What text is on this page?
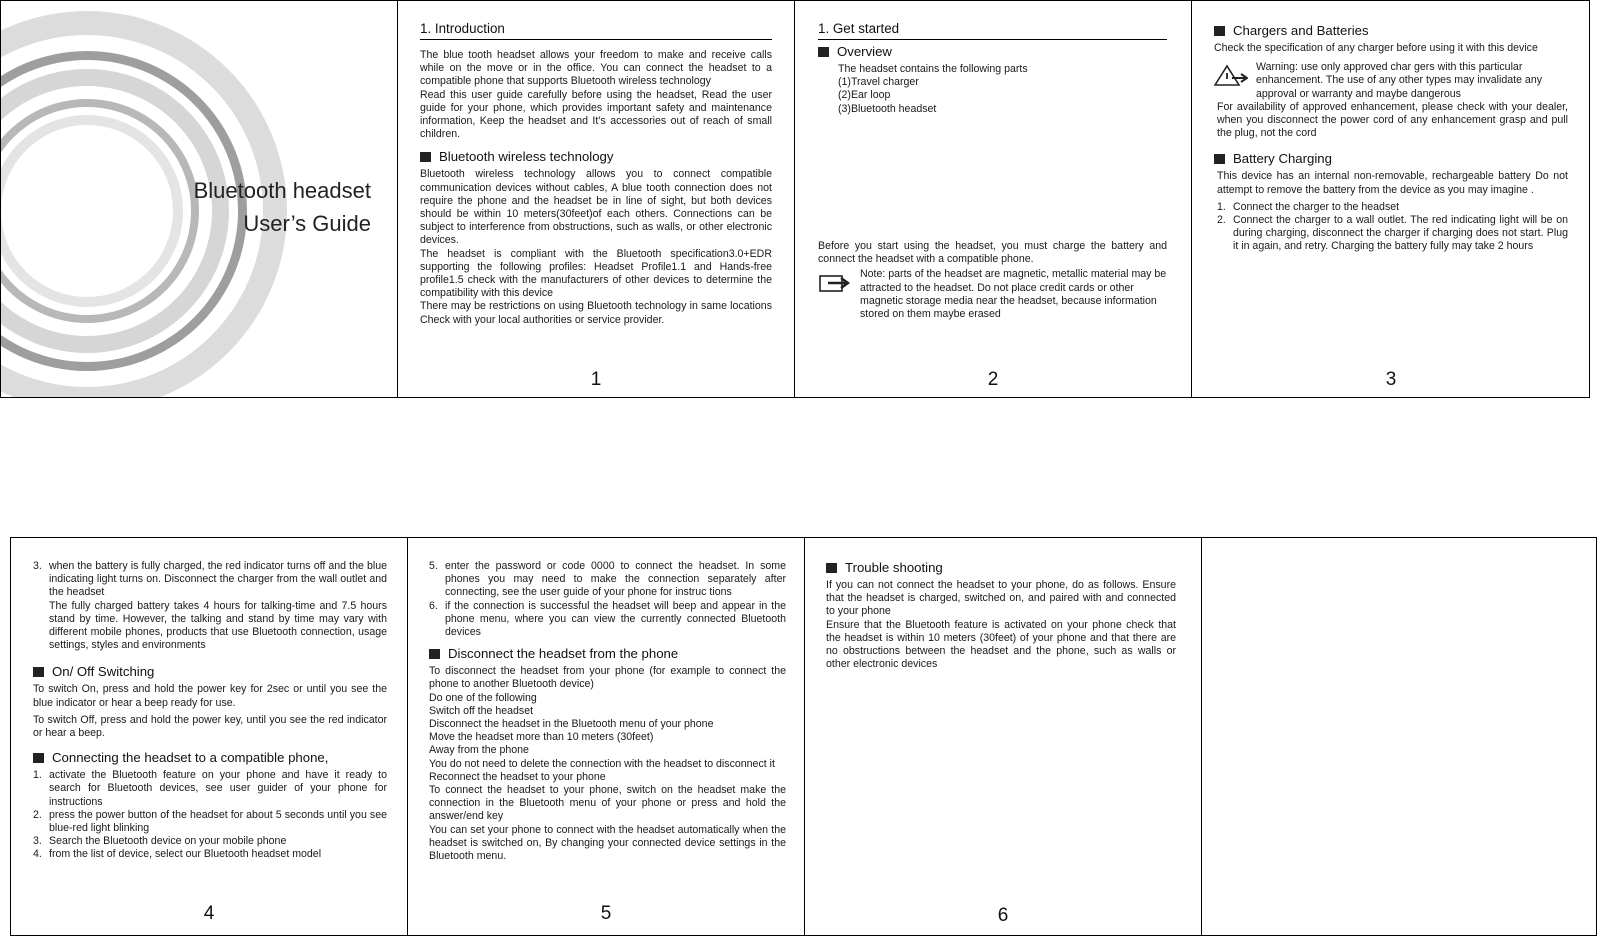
Bluetooth headset
User’s Guide
1. Introduction

The blue tooth headset allows your freedom to make and receive calls while on the move or in the office. You can connect the headset to a compatible phone that supports Bluetooth wireless technology

Read this user guide carefully before using the headset, Read the user guide for your phone, which provides important safety and maintenance information, Keep the headset and It’s accessories out of reach of small children.

Bluetooth wireless technology

Bluetooth wireless technology allows you to connect compatible communication devices without cables, A blue tooth connection does not require the phone and the headset be in line of sight, but both devices should be within 10 meters(30feet)of each others. Connections can be subject to interference from obstructions, such as walls, or other electronic devices.

The headset is compliant with the Bluetooth specification3.0+EDR supporting the following profiles: Headset Profile1.1 and Hands-free profile1.5 check with the manufacturers of other devices to determine the compatibility with this device

There may be restrictions on using Bluetooth technology in same locations Check with your local authorities or service provider.

1
1. Get started
Overview

The headset contains the following parts

(1)Travel charger

(2)Ear loop

(3)Bluetooth headset

Before you start using the headset, you must charge the battery and connect the headset with a compatible phone.

Note: parts of the headset are magnetic, metallic material may be attracted to the headset. Do not place credit cards or other magnetic storage media near the headset, because information stored on them maybe erased
2
Chargers and Batteries

Check the specification of any charger before using it with this device

Warning: use only approved char gers with this particular enhancement. The use of any other types may invalidate any approval or warranty and maybe dangerous

For availability of approved enhancement, please check with your dealer, when you disconnect the power cord of any enhancement grasp and pull the plug, not the cord

Battery Charging

This device has an internal non-removable, rechargeable battery Do not attempt to remove the battery from the device as you may imagine .

1. Connect the charger to the headset
2. Connect the charger to a wall outlet. The red indicating light will be on during charging, disconnect the charger if charging does not start. Plug it in again, and retry. Charging the battery fully may take 2 hours
3
3. when the battery is fully charged, the red indicator turns off and the blue indicating light turns on. Disconnect the charger from the wall outlet and the headset

The fully charged battery takes 4 hours for talking-time and 7.5 hours stand by time. However, the talking and stand by time may vary with different mobile phones, products that use Bluetooth connection, usage settings, styles and environments

On/ Off Switching

To switch On, press and hold the power key for 2sec or until you see the blue indicator or hear a beep ready for use.

To switch Off, press and hold the power key, until you see the red indicator or hear a beep.

Connecting the headset to a compatible phone,
1. activate the Bluetooth feature on your phone and have it ready to search for Bluetooth devices, see user guider of your phone for instructions
2. press the power button of the headset for about 5 seconds until you see blue-red light blinking
3. Search the Bluetooth device on your mobile phone
4. from the list of device, select our Bluetooth headset model
4
5. enter the password or code 0000 to connect the headset. In some phones you may need to make the connection separately after connecting, see the user guide of your phone for instruc tions
6. if the connection is successful the headset will beep and appear in the phone menu, where you can view the currently connected Bluetooth devices
Disconnect the headset from the phone

To disconnect the headset from your phone (for example to connect the phone to another Bluetooth device)

Do one of the following

Switch off the headset

Disconnect the headset in the Bluetooth menu of your phone

Move the headset more than 10 meters (30feet)

Away from the phone

You do not need to delete the connection with the headset to disconnect it

Reconnect the headset to your phone

To connect the headset to your phone, switch on the headset make the connection in the Bluetooth menu of your phone or press and hold the answer/end key

You can set your phone to connect with the headset automatically when the headset is switched on, By changing your connected device settings in the Bluetooth menu.

5
Trouble shooting

If you can not connect the headset to your phone, do as follows. Ensure that the headset is charged, switched on, and paired with and connected to your phone

Ensure that the Bluetooth feature is activated on your phone check that the headset is within 10 meters (30feet) of your phone and that there are no obstructions between the headset and the phone, such as walls or other electronic devices

6
